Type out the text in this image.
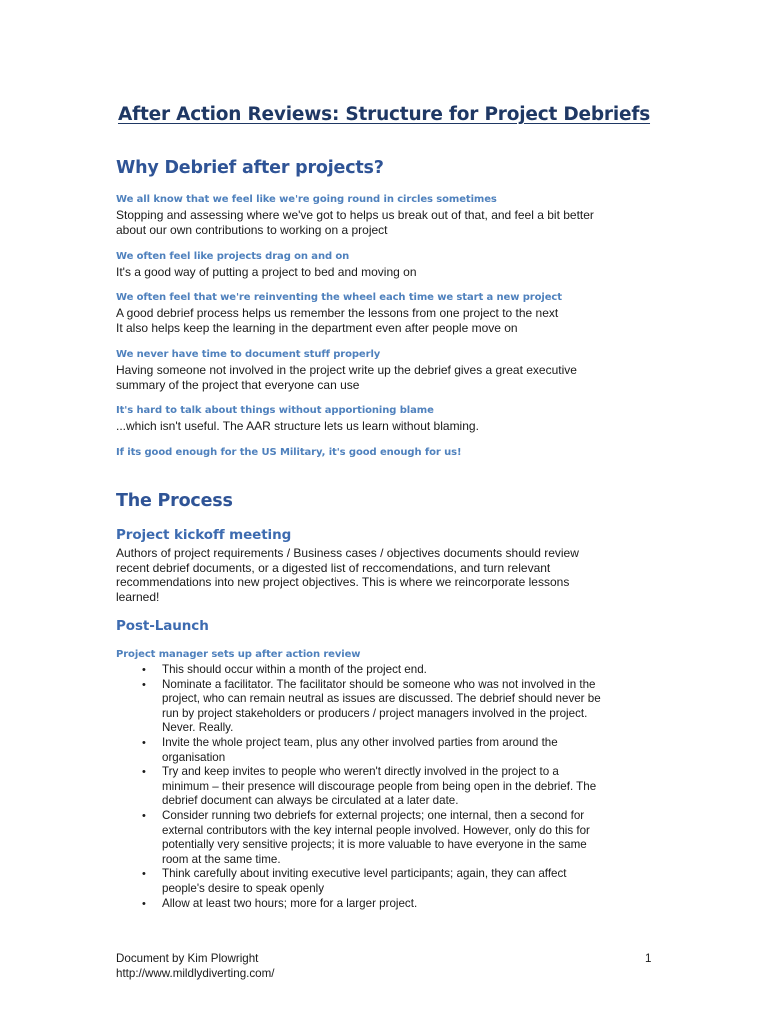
After Action Reviews: Structure for Project Debriefs
Why Debrief after projects?
We all know that we feel like we're going round in circles sometimes
Stopping and assessing where we've got to helps us break out of that, and feel a bit better
about our own contributions to working on a project
We often feel like projects drag on and on
It's a good way of putting a project to bed and moving on
We often feel that we're reinventing the wheel each time we start a new project
A good debrief process helps us remember the lessons from one project to the next
It also helps keep the learning in the department even after people move on
We never have time to document stuff properly
Having someone not involved in the project write up the debrief gives a great executive
summary of the project that everyone can use
It's hard to talk about things without apportioning blame
...which isn't useful. The AAR structure lets us learn without blaming.
If its good enough for the US Military, it's good enough for us!
The Process
Project kickoff meeting
Authors of project requirements / Business cases / objectives documents should review
recent debrief documents, or a digested list of reccomendations, and turn relevant
recommendations into new project objectives. This is where we reincorporate lessons
learned!
Post-Launch
Project manager sets up after action review
• This should occur within a month of the project end.
• Nominate a facilitator. The facilitator should be someone who was not involved in the
project, who can remain neutral as issues are discussed. The debrief should never be
run by project stakeholders or producers / project managers involved in the project.
Never. Really.
• Invite the whole project team, plus any other involved parties from around the
organisation
• Try and keep invites to people who weren't directly involved in the project to a
minimum – their presence will discourage people from being open in the debrief. The
debrief document can always be circulated at a later date.
• Consider running two debriefs for external projects; one internal, then a second for
external contributors with the key internal people involved. However, only do this for
potentially very sensitive projects; it is more valuable to have everyone in the same
room at the same time.
• Think carefully about inviting executive level participants; again, they can affect
people's desire to speak openly
• Allow at least two hours; more for a larger project.
Document by Kim Plowright
http://www.mildlydiverting.com/
1
